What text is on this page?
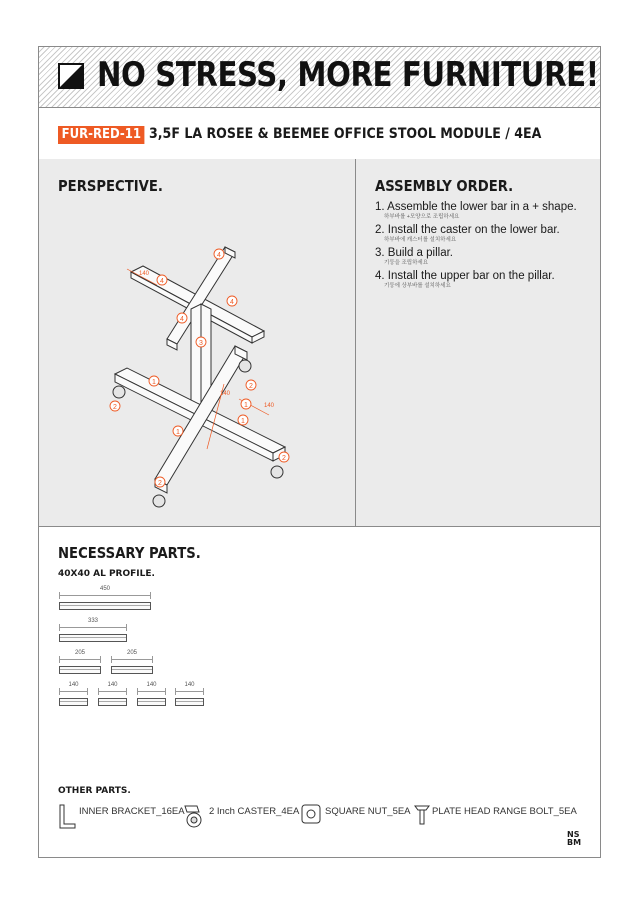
NO STRESS, MORE FURNITURE!
FUR-RED-11 3,5F LA ROSEE & BEEMEE OFFICE STOOL MODULE / 4EA
PERSPECTIVE.
140
140
140
4
4
4
4
3
2
1
1
1
1
2
2
2
ASSEMBLY ORDER.
1. Assemble the lower bar in a + shape.
하부바를 +모양으로 조립하세요
2. Install the caster on the lower bar.
하부바에 캐스터를 설치하세요
3. Build a pillar.
기둥을 조립하세요
4. Install the upper bar on the pillar.
기둥에 상부바를 설치하세요
NECESSARY PARTS.
40X40 AL PROFILE.
450
333
205	205
140	140	140	140
OTHER PARTS.
INNER BRACKET_16EA	2 Inch CASTER_4EA	SQUARE NUT_5EA PLATE HEAD RANGE BOLT_5EA
NS
BM
